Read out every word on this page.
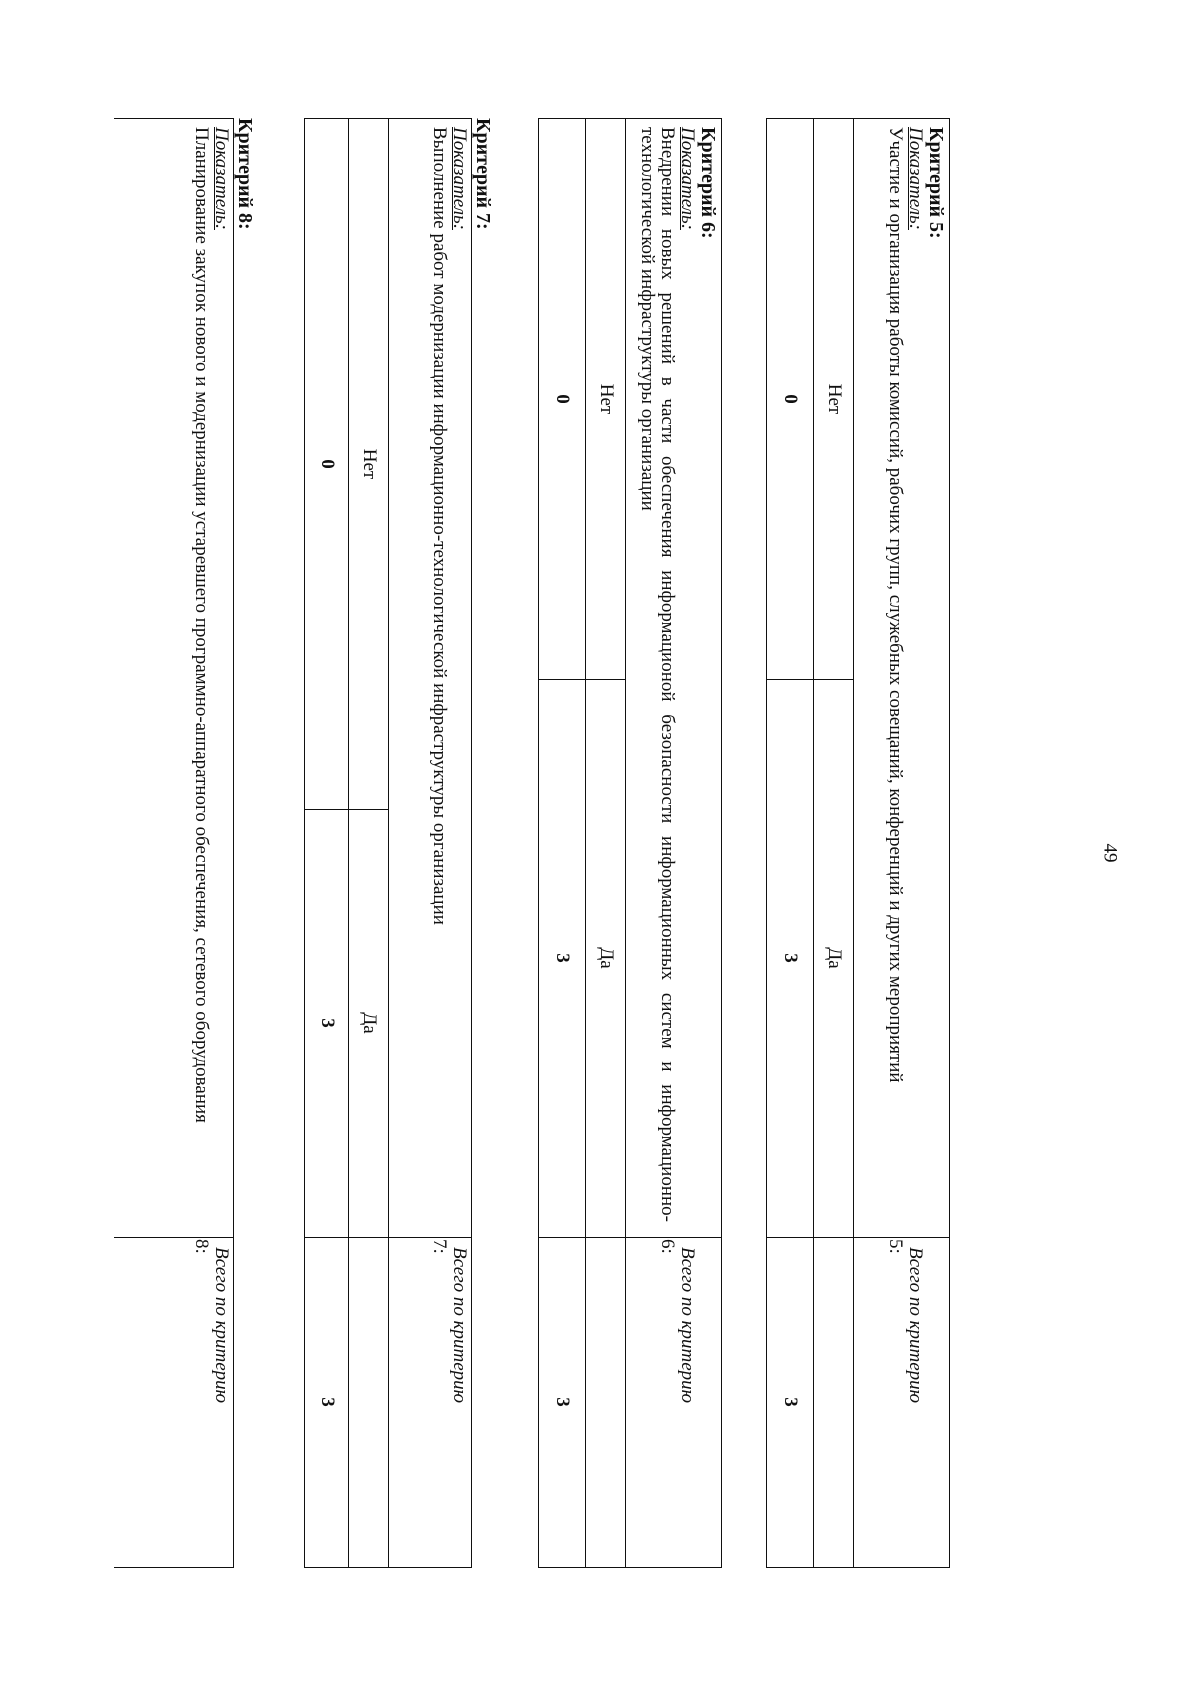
49
Критерий 5:
Показатель:
Участие и организация работы комиссий, рабочих групп, служебных совещаний, конференций и других мероприятий
Всего по критерию
5:
Нет
Да
0
3
3
Критерий 6:
Показатель:
Внедрении новых решений в части обеспечения информационой безопасности информационных систем и информационно-технологической инфраструктуры организации
Всего по критерию
6:
Нет
Да
0
3
3
Критерий 7:
Показатель:
Выполнение работ модернизации информационно-технологической инфраструктуры организации
Всего по критерию
7:
Нет
Да
0
3
3
Критерий 8:
Показатель:
Планирование закупок нового и модернизации устаревшего программно-аппаратного обеспечения, сетевого оборудования
Всего по критерию
8:
